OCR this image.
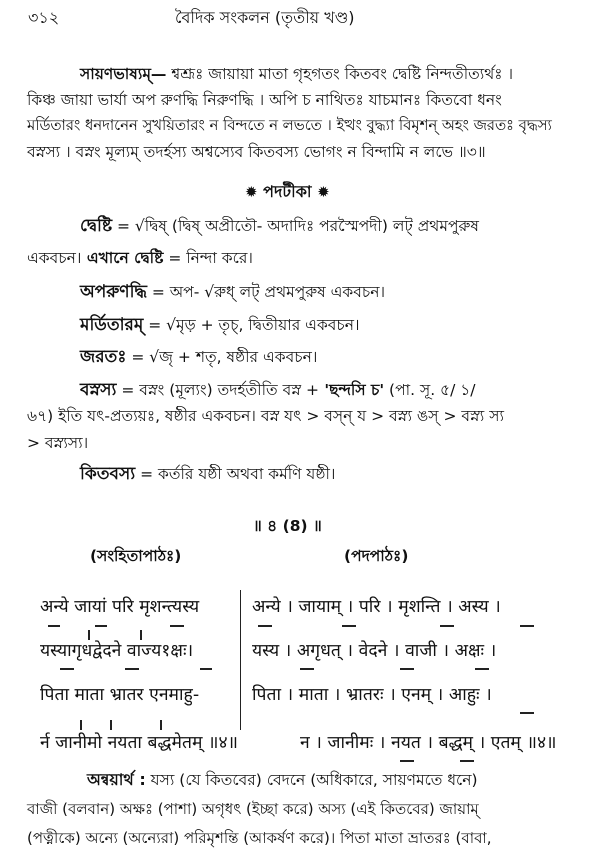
৩১২	বৈদিক সংকলন (তৃতীয় খণ্ড)
সায়ণভাষ্যম্— শ্বশ্রূঃ জায়ায়া মাতা গৃহগতং কিতবং দ্বেষ্টি নিন্দতীত্যর্থঃ ।
কিঞ্চ জায়া ভার্যা অপ রুণদ্ধি নিরুণদ্ধি । অপি চ নাথিতঃ যাচমানঃ কিতবো ধনং
মর্ডিতারং ধনদানেন সুখয়িতারং ন বিন্দতে ন লভতে । ইত্থং বুদ্ধ্যা বিমৃশন্ অহং জরতঃ বৃদ্ধস্য
বস্নস্য । বস্নং মূল্যম্ তদর্হস্য অশ্বস্যেব কিতবস্য ভোগং ন বিন্দামি ন লভে ॥৩॥
✹ পদটীকা ✹
দ্বেষ্টি = √দ্বিষ্ (দ্বিষ্ অপ্রীতৌ- অদাদিঃ পরস্মৈপদী) লট্ প্রথমপুরুষ
একবচন। এখানে দ্বেষ্টি = নিন্দা করে।
অপরুণদ্ধি = অপ- √রুধ্ লট্ প্রথমপুরুষ একবচন।
মর্ডিতারম্ = √মৃড় + তৃচ্, দ্বিতীয়ার একবচন।
জরতঃ = √জৃ + শতৃ, ষষ্ঠীর একবচন।
বস্নস্য = বস্নং (মূল্যং) তদর্হতীতি বস্ন + 'ছন্দসি চ' (পা. সূ. ৫/ ১/
৬৭) ইতি যৎ-প্রত্যয়ঃ, ষষ্ঠীর একবচন। বস্ন যৎ > বস্ন্ য > বস্ন্য ঙস্ > বস্ন্য স্য
> বস্ন্যস্য।
কিতবস্য = কর্তরি যষ্ঠী অথবা কর্মণি যষ্ঠী।
॥ ৪ (8) ॥
(সংহিতাপাঠঃ)	(পদপাঠঃ)
अन्ये जायां परि मृशन्त्यस्य
यस्यागृधद्वेदने वाज्य१क्षः।
पिता माता भ्रातर एनमाहु-
र्न जानीमो नयता बद्धमेतम् ॥४॥
अन्ये । जायाम् । परि । मृशन्ति । अस्य ।
यस्य । अगृधत् । वेदने । वाजी । अक्षः ।
पिता । माता । भ्रातरः । एनम् । आहुः ।
न । जानीमः । नयत । बद्धम् । एतम् ॥४॥
অন্বয়ার্থ : যস্য (যে কিতবের) বেদনে (অধিকারে, সায়ণমতে ধনে)
বাজী (বলবান) অক্ষঃ (পাশা) অগৃধৎ (ইচ্ছা করে) অস্য (এই কিতবের) জায়াম্
(পত্নীকে) অন্যে (অন্যেরা) পরিমৃশন্তি (আকর্ষণ করে)। পিতা মাতা ভ্রাতরঃ (বাবা,
